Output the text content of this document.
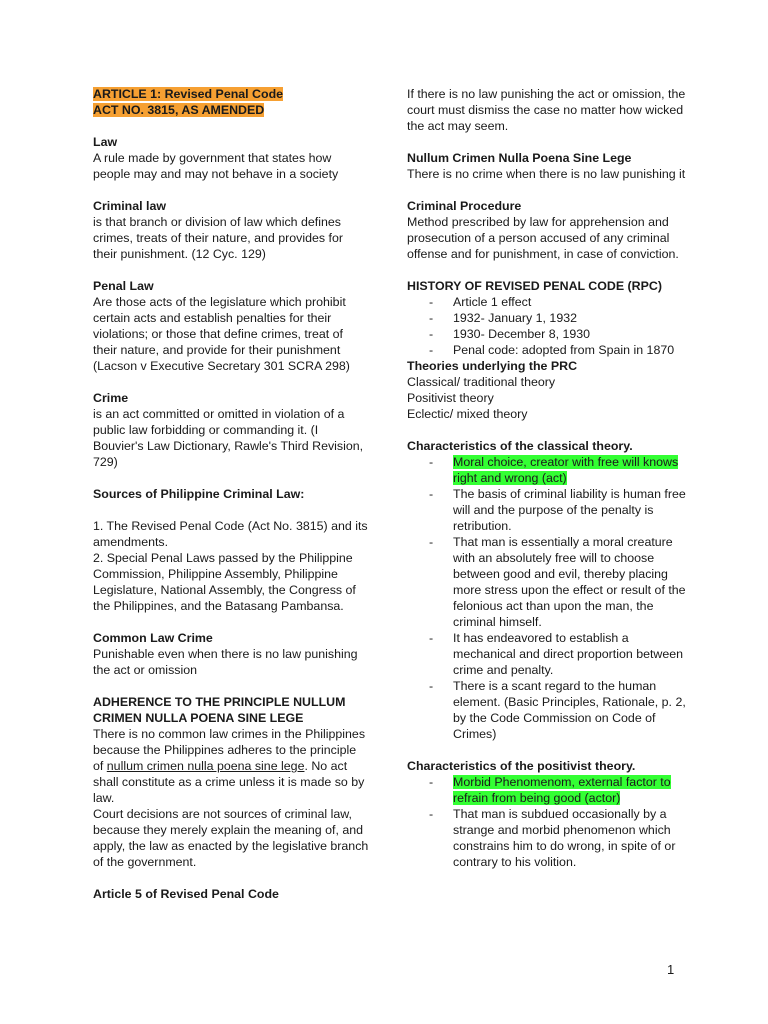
ARTICLE 1: Revised Penal Code

ACT NO. 3815, AS AMENDED

Law

A rule made by government that states how people may and may not behave in a society

Criminal law

is that branch or division of law which defines crimes, treats of their nature, and provides for their punishment. (12 Cyc. 129)

Penal Law

Are those acts of the legislature which prohibit certain acts and establish penalties for their violations; or those that define crimes, treat of their nature, and provide for their punishment (Lacson v Executive Secretary 301 SCRA 298)

Crime

is an act committed or omitted in violation of a public law forbidding or commanding it. (I Bouvier's Law Dictionary, Rawle's Third Revision, 729)

Sources of Philippine Criminal Law:

1. The Revised Penal Code (Act No. 3815) and its amendments.

2. Special Penal Laws passed by the Philippine Commission, Philippine Assembly, Philippine Legislature, National Assembly, the Congress of the Philippines, and the Batasang Pambansa.

Common Law Crime

Punishable even when there is no law punishing the act or omission

ADHERENCE TO THE PRINCIPLE NULLUM CRIMEN NULLA POENA SINE LEGE

There is no common law crimes in the Philippines because the Philippines adheres to the principle of nullum crimen nulla poena sine lege. No act shall constitute as a crime unless it is made so by law.

Court decisions are not sources of criminal law, because they merely explain the meaning of, and apply, the law as enacted by the legislative branch of the government.

Article 5 of Revised Penal Code

If there is no law punishing the act or omission, the court must dismiss the case no matter how wicked the act may seem.

Nullum Crimen Nulla Poena Sine Lege

There is no crime when there is no law punishing it

Criminal Procedure

Method prescribed by law for apprehension and prosecution of a person accused of any criminal offense and for punishment, in case of conviction.

HISTORY OF REVISED PENAL CODE (RPC)

- Article 1 effect
- 1932- January 1, 1932
- 1930- December 8, 1930
- Penal code: adopted from Spain in 1870

Theories underlying the PRC

Classical/ traditional theory

Positivist theory

Eclectic/ mixed theory

Characteristics of the classical theory.

- Moral choice, creator with free will knows right and wrong (act)
- The basis of criminal liability is human free will and the purpose of the penalty is retribution.
- That man is essentially a moral creature with an absolutely free will to choose between good and evil, thereby placing more stress upon the effect or result of the felonious act than upon the man, the criminal himself.
- It has endeavored to establish a mechanical and direct proportion between crime and penalty.
- There is a scant regard to the human element. (Basic Principles, Rationale, p. 2, by the Code Commission on Code of Crimes)

Characteristics of the positivist theory.

- Morbid Phenomenom, external factor to refrain from being good (actor)
- That man is subdued occasionally by a strange and morbid phenomenon which constrains him to do wrong, in spite of or contrary to his volition.
1
